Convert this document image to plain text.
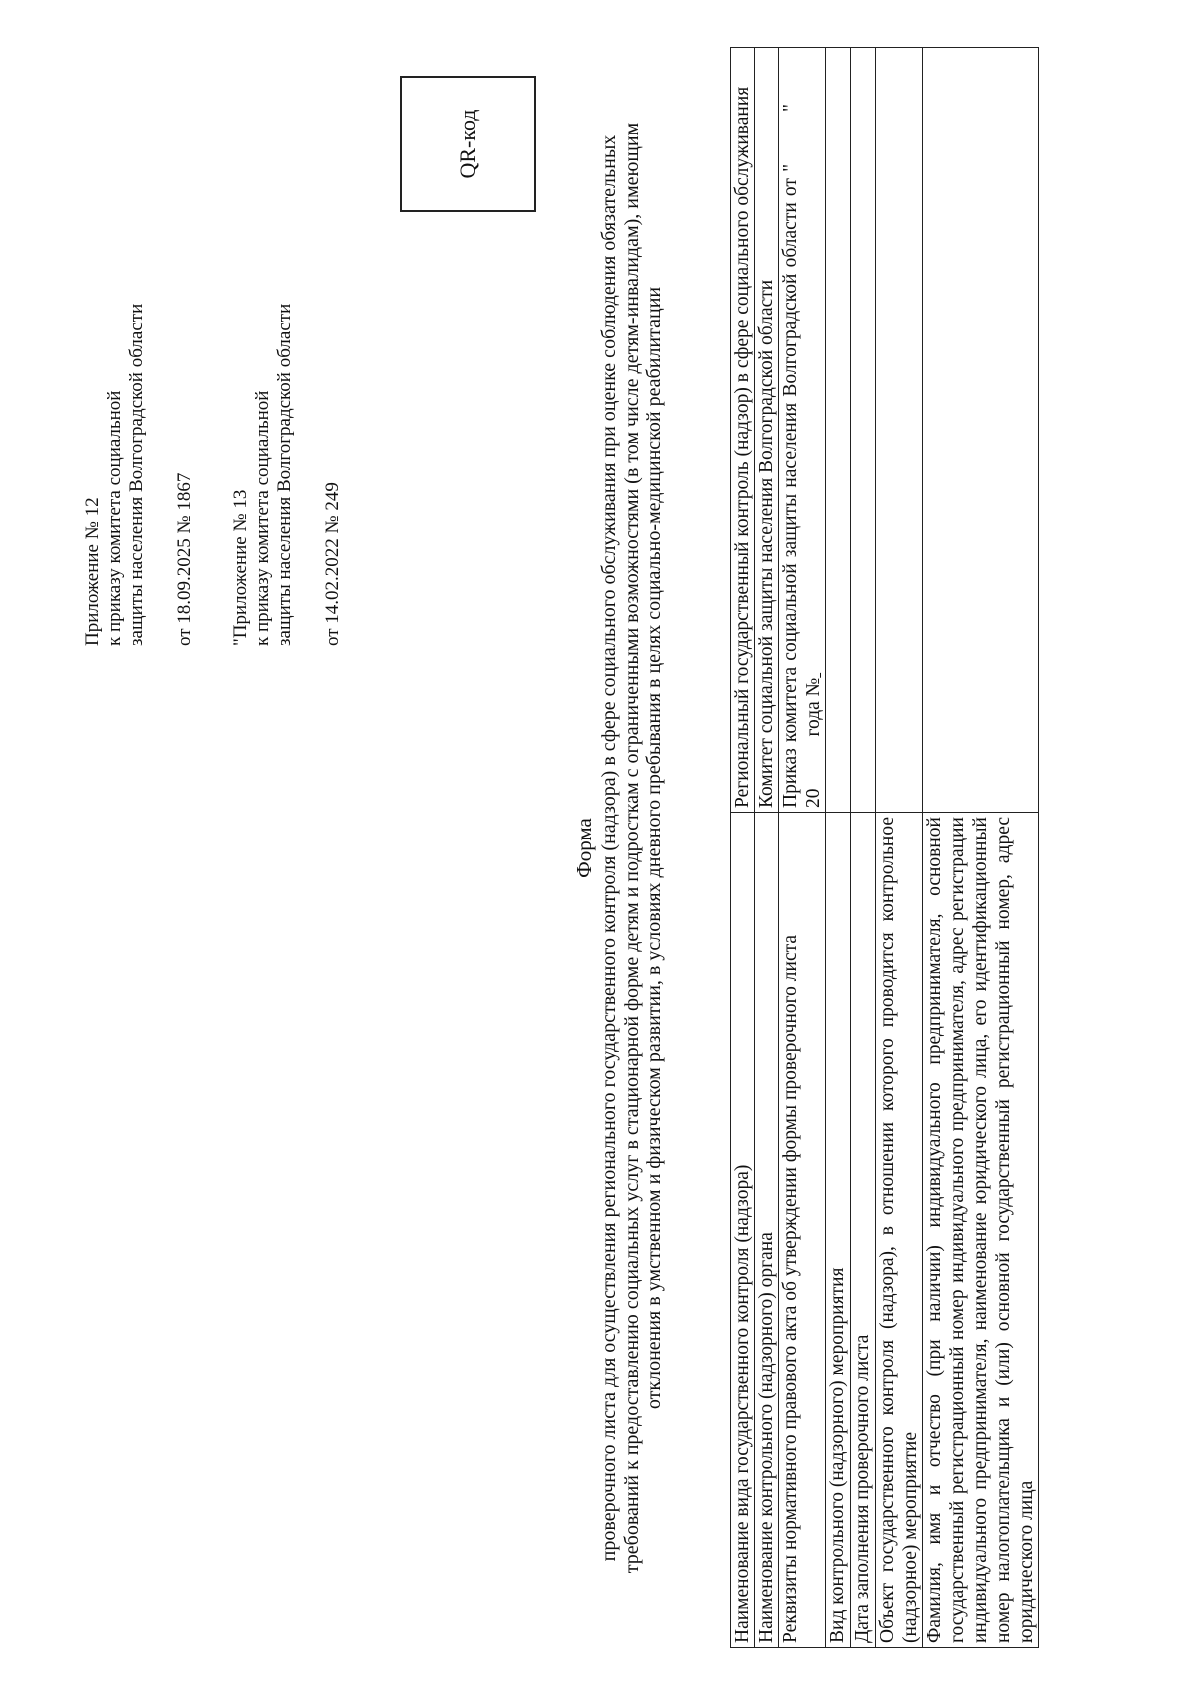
Приложение № 12 к приказу комитета социальной защиты населения Волгоградской области от 18.09.2025 № 1867 "Приложение № 13 к приказу комитета социальной защиты населения Волгоградской области от 14.02.2022 № 249
QR-код
Форма проверочного листа для осуществления регионального государственного контроля (надзора) в сфере социального обслуживания при оценке соблюдения обязательных требований к предоставлению социальных услуг в стационарной форме детям и подросткам с ограниченными возможностями (в том числе детям-инвалидам), имеющим отклонения в умственном и физическом развитии, в условиях дневного пребывания в целях социально-медицинской реабилитации	Наименование вида государственного контроля (надзора)	Региональный государственный контроль (надзор) в сфере социального обслуживания
Наименование контрольного (надзорного) органа	Комитет социальной защиты населения Волгоградской области
Реквизиты нормативного правового акта об утверждении формы проверочного листа	Приказ комитета социальной защиты населения Волгоградской области от ""20года №
Вид контрольного (надзорного) мероприятия	
Дата заполнения проверочного листа	
Объект государственного контроля (надзора), в отношении которого проводится контрольное (надзорное) мероприятие	
Фамилия, имя и отчество (при наличии) индивидуального предпринимателя, основной государственный регистрационный номер индивидуального предпринимателя, адрес регистрации индивидуального предпринимателя, наименование юридического лица, его идентификационный номер налогоплательщика и (или) основной государственный регистрационный номер, адрес юридического лица	
